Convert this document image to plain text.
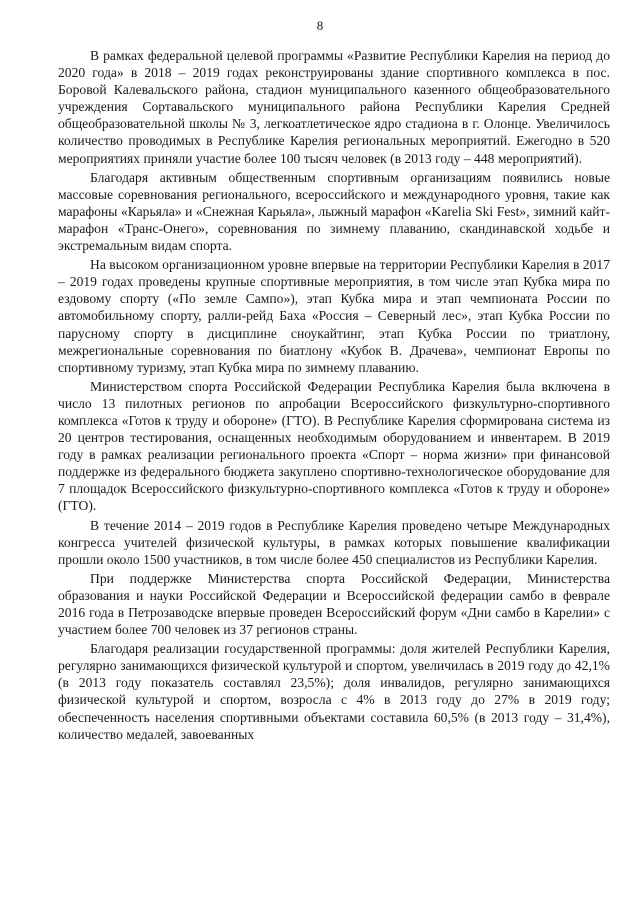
8

В рамках федеральной целевой программы «Развитие Республики Карелия на период до 2020 года» в 2018 – 2019 годах реконструированы здание спортивного комплекса в пос. Боровой Калевальского района, стадион муниципального казенного общеобразовательного учреждения Сортавальского муниципального района Республики Карелия Средней общеобразовательной школы № 3, легкоатлетическое ядро стадиона в г. Олонце. Увеличилось количество проводимых в Республике Карелия региональных мероприятий. Ежегодно в 520 мероприятиях приняли участие более 100 тысяч человек (в 2013 году – 448 мероприятий).

Благодаря активным общественным спортивным организациям появились новые массовые соревнования регионального, всероссийского и международного уровня, такие как марафоны «Карьяла» и «Снежная Карьяла», лыжный марафон «Karelia Ski Fest», зимний кайт-марафон «Транс-Онего», соревнования по зимнему плаванию, скандинавской ходьбе и экстремальным видам спорта.

На высоком организационном уровне впервые на территории Республики Карелия в 2017 – 2019 годах проведены крупные спортивные мероприятия, в том числе этап Кубка мира по ездовому спорту («По земле Сампо»), этап Кубка мира и этап чемпионата России по автомобильному спорту, ралли-рейд Баха «Россия – Северный лес», этап Кубка России по парусному спорту в дисциплине сноукайтинг, этап Кубка России по триатлону, межрегиональные соревнования по биатлону «Кубок В. Драчева», чемпионат Европы по спортивному туризму, этап Кубка мира по зимнему плаванию.

Министерством спорта Российской Федерации Республика Карелия была включена в число 13 пилотных регионов по апробации Всероссийского физкультурно-спортивного комплекса «Готов к труду и обороне» (ГТО). В Республике Карелия сформирована система из 20 центров тестирования, оснащенных необходимым оборудованием и инвентарем. В 2019 году в рамках реализации регионального проекта «Спорт – норма жизни» при финансовой поддержке из федерального бюджета закуплено спортивно-технологическое оборудование для 7 площадок Всероссийского физкультурно-спортивного комплекса «Готов к труду и обороне» (ГТО).

В течение 2014 – 2019 годов в Республике Карелия проведено четыре Международных конгресса учителей физической культуры, в рамках которых повышение квалификации прошли около 1500 участников, в том числе более 450 специалистов из Республики Карелия.

При поддержке Министерства спорта Российской Федерации, Министерства образования и науки Российской Федерации и Всероссийской федерации самбо в феврале 2016 года в Петрозаводске впервые проведен Всероссийский форум «Дни самбо в Карелии» с участием более 700 человек из 37 регионов страны.

Благодаря реализации государственной программы: доля жителей Республики Карелия, регулярно занимающихся физической культурой и спортом, увеличилась в 2019 году до 42,1% (в 2013 году показатель составлял 23,5%); доля инвалидов, регулярно занимающихся физической культурой и спортом, возросла с 4% в 2013 году до 27% в 2019 году; обеспеченность населения спортивными объектами составила 60,5% (в 2013 году – 31,4%), количество медалей, завоеванных
